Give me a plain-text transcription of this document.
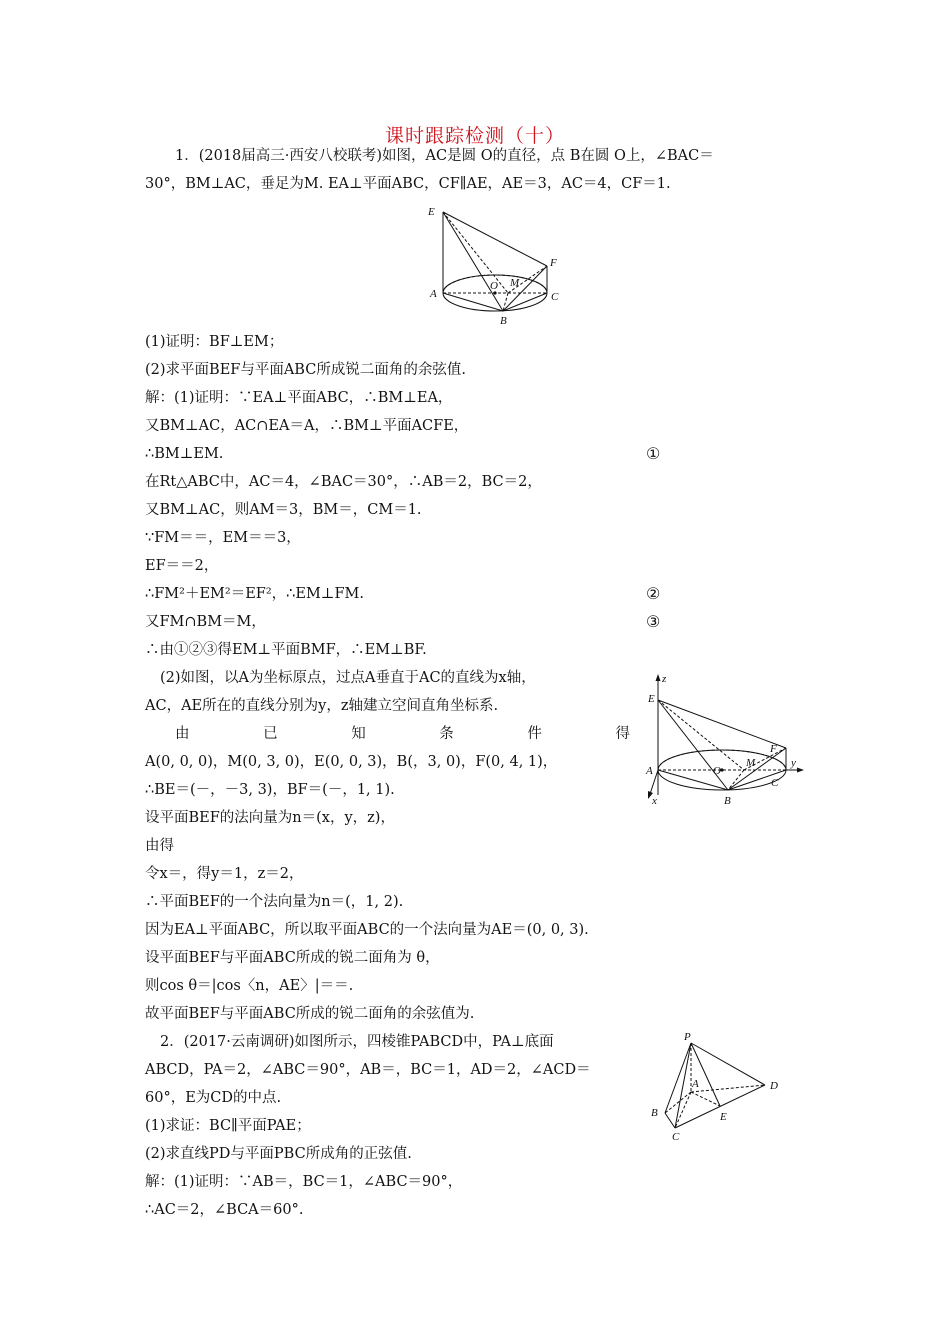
课时跟踪检测（十）
1．(2018届高三·西安八校联考)如图，AC是圆 O的直径，点 B在圆 O上，∠BAC＝
30°，BM⊥AC，垂足为M. EA⊥平面ABC，CF∥AE，AE＝3，AC＝4，CF＝1.
E
F
O M
A	C
B
(1)证明：BF⊥EM；
(2)求平面BEF与平面ABC所成锐二面角的余弦值.
解：(1)证明：∵EA⊥平面ABC，∴BM⊥EA，
又BM⊥AC，AC∩EA＝A，∴BM⊥平面ACFE，
∴BM⊥EM.	①
在Rt△ABC中，AC＝4，∠BAC＝30°，∴AB＝2，BC＝2，
又BM⊥AC，则AM＝3，BM＝，CM＝1.
∵FM＝＝，EM＝＝3，
EF＝＝2，
∴FM²＋EM²＝EF²，∴EM⊥FM.	②
又FM∩BM＝M，	③
∴由①②③得EM⊥平面BMF，∴EM⊥BF.
(2)如图，以A为坐标原点，过点A垂直于AC的直线为x轴，
AC，AE所在的直线分别为y，z轴建立空间直角坐标系.
由	已	知	条	件	得
A(0, 0, 0)，M(0, 3, 0)，E(0, 0, 3)，B(，3, 0)，F(0, 4, 1)，
∴BE＝(－，－3, 3)，BF＝(－，1, 1).
设平面BEF的法向量为n＝(x，y，z)，
由得
令x＝，得y＝1，z＝2，
∴平面BEF的一个法向量为n＝(，1, 2).
因为EA⊥平面ABC，所以取平面ABC的一个法向量为AE＝(0, 0, 3).
设平面BEF与平面ABC所成的锐二面角为 θ，
则cos θ＝|cos〈n，AE〉|＝＝.
故平面BEF与平面ABC所成的锐二面角的余弦值为.
z
E
F
A	O
M	y
C
B
x
2．(2017·云南调研)如图所示，四棱锥PABCD中，PA⊥底面
ABCD，PA＝2，∠ABC＝90°，AB＝，BC＝1，AD＝2，∠ACD＝
60°，E为CD的中点.
(1)求证：BC∥平面PAE；
(2)求直线PD与平面PBC所成角的正弦值.
解：(1)证明：∵AB＝，BC＝1，∠ABC＝90°，
∴AC＝2，∠BCA＝60°.
P
A	D
B	E
C
